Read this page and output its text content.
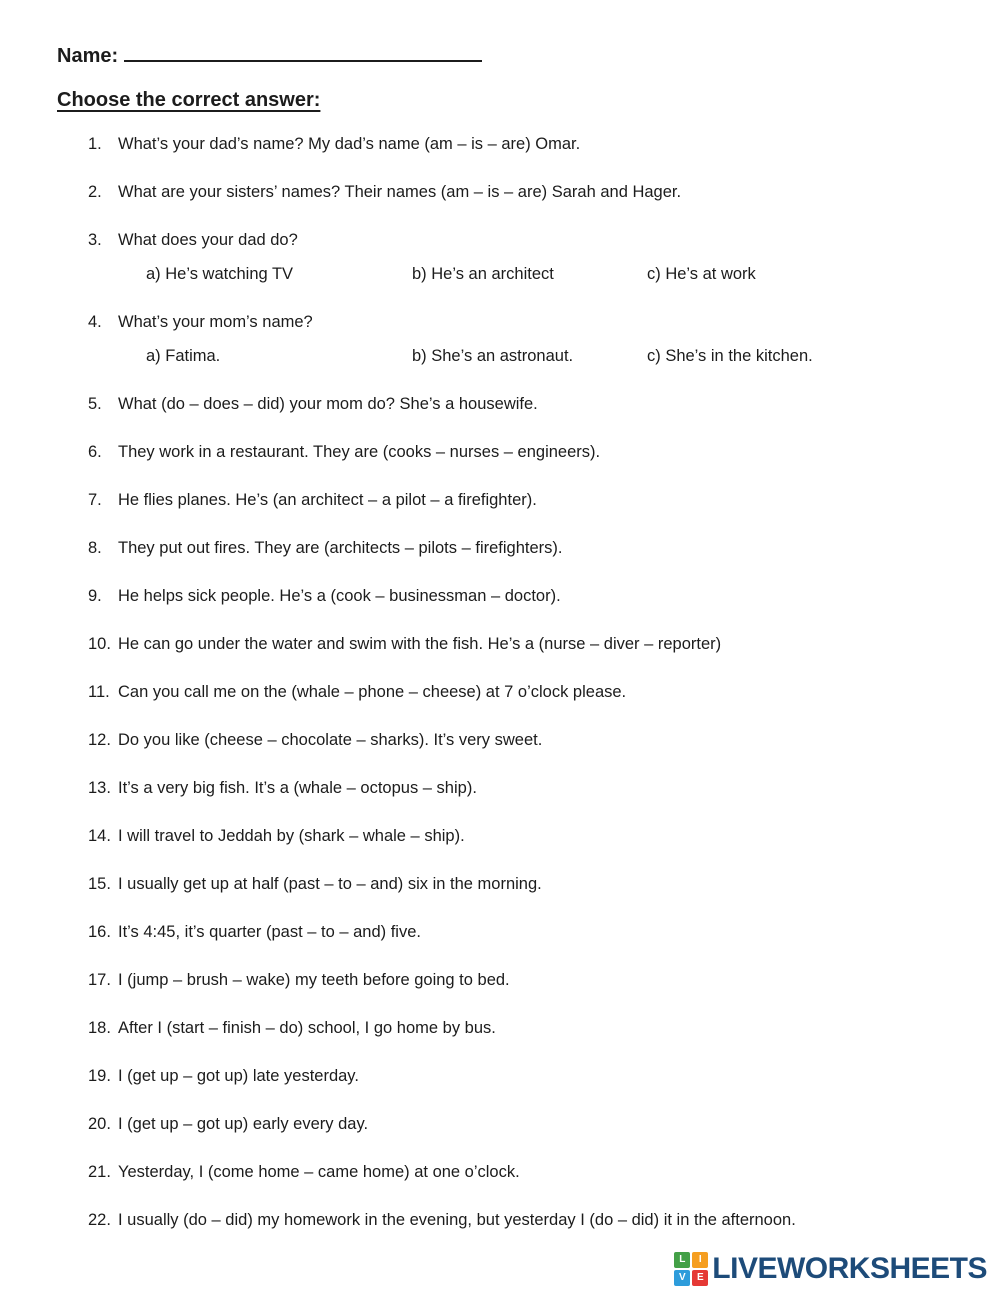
Name:
Choose the correct answer:
1. What’s your dad’s name? My dad’s name (am – is – are) Omar.
2. What are your sisters’ names? Their names (am – is – are) Sarah and Hager.
3. What does your dad do?
a) He’s watching TV	b) He’s an architect	c) He’s at work
4. What’s your mom’s name?
a) Fatima.	b) She’s an astronaut.	c) She’s in the kitchen.
5. What (do – does – did) your mom do? She’s a housewife.
6. They work in a restaurant. They are (cooks – nurses – engineers).
7. He flies planes. He’s (an architect – a pilot – a firefighter).
8. They put out fires. They are (architects – pilots – firefighters).
9. He helps sick people. He’s a (cook – businessman – doctor).
10. He can go under the water and swim with the fish. He’s a (nurse – diver – reporter)
11. Can you call me on the (whale – phone – cheese) at 7 o’clock please.
12. Do you like (cheese – chocolate – sharks). It’s very sweet.
13. It’s a very big fish. It’s a (whale – octopus – ship).
14. I will travel to Jeddah by (shark – whale – ship).
15. I usually get up at half (past – to – and) six in the morning.
16. It’s 4:45, it’s quarter (past – to – and) five.
17. I (jump – brush – wake) my teeth before going to bed.
18. After I (start – finish – do) school, I go home by bus.
19. I (get up – got up) late yesterday.
20. I (get up – got up) early every day.
21. Yesterday, I (come home – came home) at one o’clock.
22. I usually (do – did) my homework in the evening, but yesterday I (do – did) it in the afternoon.
L	I
V	E LIVEWORKSHEETS
